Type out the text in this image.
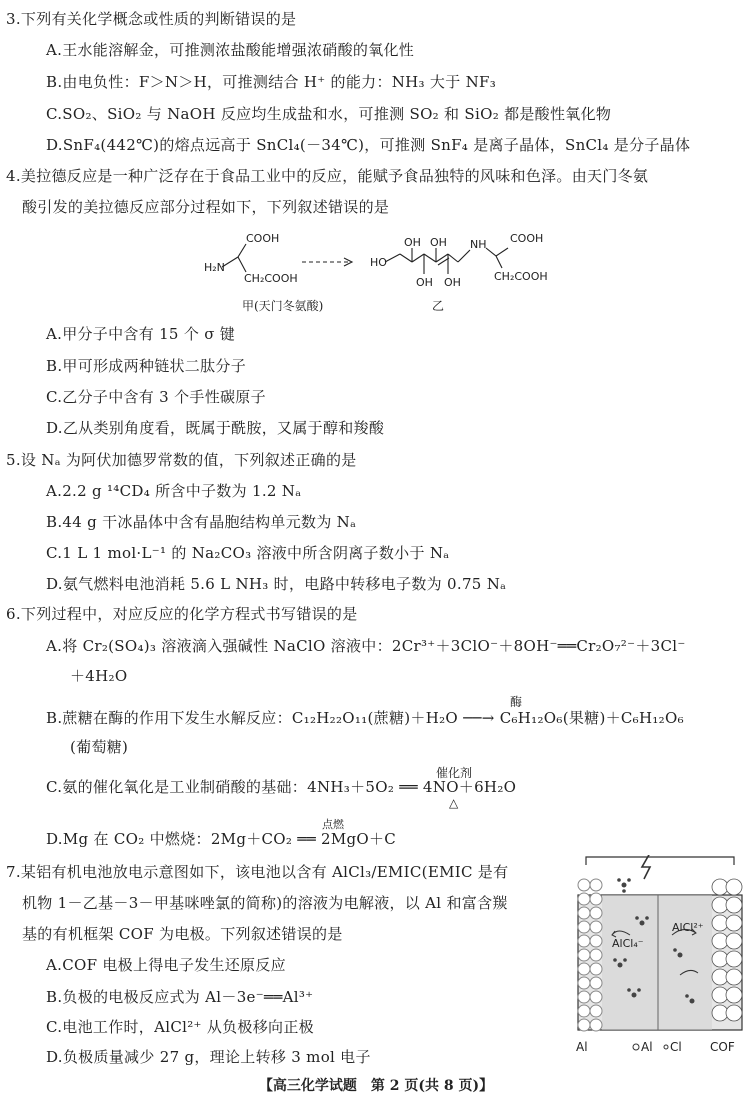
3.下列有关化学概念或性质的判断错误的是
A.王水能溶解金，可推测浓盐酸能增强浓硝酸的氧化性
B.由电负性：F＞N＞H，可推测结合 H⁺ 的能力：NH₃ 大于 NF₃
C.SO₂、SiO₂ 与 NaOH 反应均生成盐和水，可推测 SO₂ 和 SiO₂ 都是酸性氧化物
D.SnF₄(442℃)的熔点远高于 SnCl₄(－34℃)，可推测 SnF₄ 是离子晶体，SnCl₄ 是分子晶体
4.美拉德反应是一种广泛存在于食品工业中的反应，能赋予食品独特的风味和色泽。由天门冬氨
酸引发的美拉德反应部分过程如下，下列叙述错误的是
H₂N
COOH
CH₂COOH
HO
OH OH
OH OH
NH COOH
CH₂COOH
甲(天门冬氨酸)	乙
A.甲分子中含有 15 个 σ 键
B.甲可形成两种链状二肽分子
C.乙分子中含有 3 个手性碳原子
D.乙从类别角度看，既属于酰胺，又属于醇和羧酸
5.设 Nₐ 为阿伏加德罗常数的值，下列叙述正确的是
A.2.2 g ¹⁴CD₄ 所含中子数为 1.2 Nₐ
B.44 g 干冰晶体中含有晶胞结构单元数为 Nₐ
C.1 L 1 mol·L⁻¹ 的 Na₂CO₃ 溶液中所含阴离子数小于 Nₐ
D.氨气燃料电池消耗 5.6 L NH₃ 时，电路中转移电子数为 0.75 Nₐ
6.下列过程中，对应反应的化学方程式书写错误的是
A.将 Cr₂(SO₄)₃ 溶液滴入强碱性 NaClO 溶液中：2Cr³⁺＋3ClO⁻＋8OH⁻══Cr₂O₇²⁻＋3Cl⁻
＋4H₂O
酶
B.蔗糖在酶的作用下发生水解反应：C₁₂H₂₂O₁₁(蔗糖)＋H₂O ──→ C₆H₁₂O₆(果糖)＋C₆H₁₂O₆
(葡萄糖)
催化剂
C.氨的催化氧化是工业制硝酸的基础：4NH₃＋5O₂ ══ 4NO＋6H₂O
△
点燃
D.Mg 在 CO₂ 中燃烧：2Mg＋CO₂ ══ 2MgO＋C
7.某铝有机电池放电示意图如下，该电池以含有 AlCl₃/EMIC(EMIC 是有
机物 1－乙基－3－甲基咪唑氯的简称)的溶液为电解液，以 Al 和富含羰
基的有机框架 COF 为电极。下列叙述错误的是
A.COF 电极上得电子发生还原反应
B.负极的电极反应式为 Al－3e⁻══Al³⁺
C.电池工作时，AlCl²⁺ 从负极移向正极
D.负极质量减少 27 g，理论上转移 3 mol 电子
AlCl₄⁻
AlCl²⁺
Al	COF
Al Cl
【高三化学试题　第 2 页(共 8 页)】
